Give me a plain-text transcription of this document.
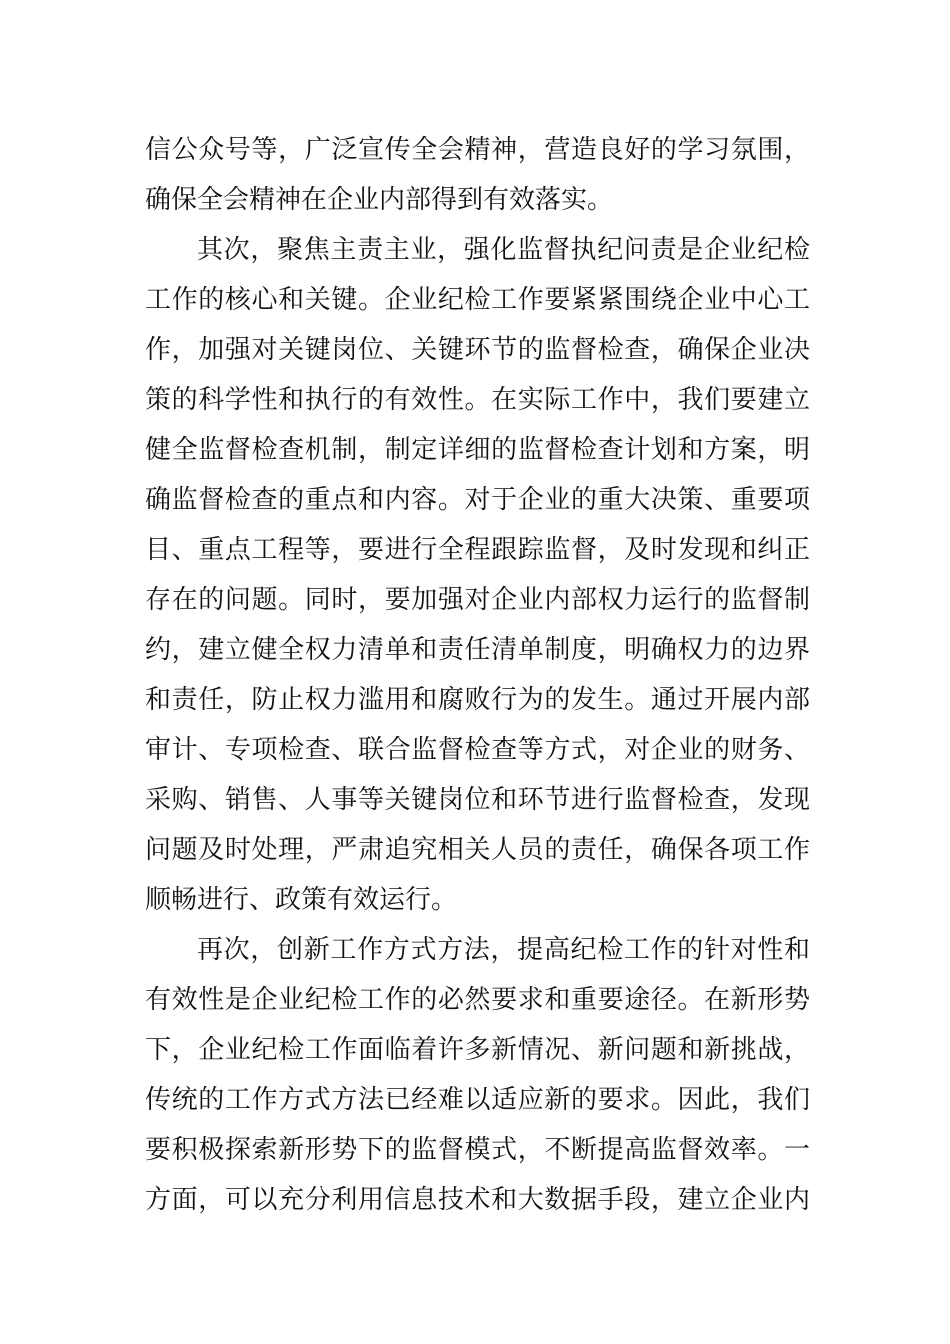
信公众号等，广泛宣传全会精神，营造良好的学习氛围，
确保全会精神在企业内部得到有效落实。
其次，聚焦主责主业，强化监督执纪问责是企业纪检
工作的核心和关键。企业纪检工作要紧紧围绕企业中心工
作，加强对关键岗位、关键环节的监督检查，确保企业决
策的科学性和执行的有效性。在实际工作中，我们要建立
健全监督检查机制，制定详细的监督检查计划和方案，明
确监督检查的重点和内容。对于企业的重大决策、重要项
目、重点工程等，要进行全程跟踪监督，及时发现和纠正
存在的问题。同时，要加强对企业内部权力运行的监督制
约，建立健全权力清单和责任清单制度，明确权力的边界
和责任，防止权力滥用和腐败行为的发生。通过开展内部
审计、专项检查、联合监督检查等方式，对企业的财务、
采购、销售、人事等关键岗位和环节进行监督检查，发现
问题及时处理，严肃追究相关人员的责任，确保各项工作
顺畅进行、政策有效运行。
再次，创新工作方式方法，提高纪检工作的针对性和
有效性是企业纪检工作的必然要求和重要途径。在新形势
下，企业纪检工作面临着许多新情况、新问题和新挑战，
传统的工作方式方法已经难以适应新的要求。因此，我们
要积极探索新形势下的监督模式，不断提高监督效率。一
方面，可以充分利用信息技术和大数据手段，建立企业内
